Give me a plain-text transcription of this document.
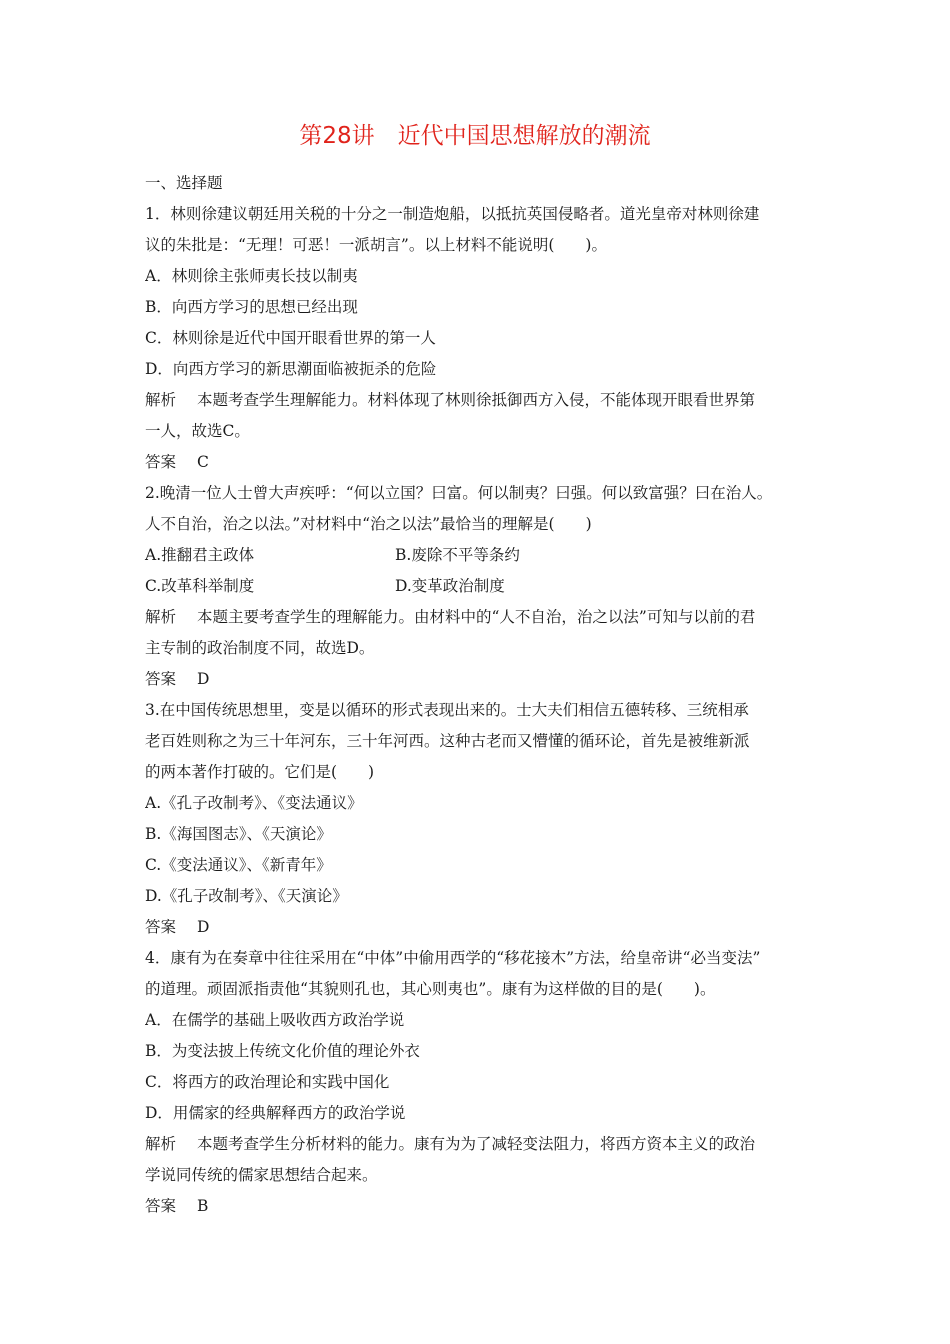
第28讲　近代中国思想解放的潮流
一、选择题
1．林则徐建议朝廷用关税的十分之一制造炮船，以抵抗英国侵略者。道光皇帝对林则徐建
议的朱批是：“无理！可恶！一派胡言”。以上材料不能说明(　　)。
A．林则徐主张师夷长技以制夷
B．向西方学习的思想已经出现
C．林则徐是近代中国开眼看世界的第一人
D．向西方学习的新思潮面临被扼杀的危险
解析 本题考查学生理解能力。材料体现了林则徐抵御西方入侵，不能体现开眼看世界第
一人，故选C。
答案 C
2.晚清一位人士曾大声疾呼：“何以立国？曰富。何以制夷？曰强。何以致富强？曰在治人。
人不自治，治之以法。”对材料中“治之以法”最恰当的理解是(　　)
A.推翻君主政体	B.废除不平等条约
C.改革科举制度	D.变革政治制度
解析 本题主要考查学生的理解能力。由材料中的“人不自治，治之以法”可知与以前的君
主专制的政治制度不同，故选D。
答案 D
3.在中国传统思想里，变是以循环的形式表现出来的。士大夫们相信五德转移、三统相承
老百姓则称之为三十年河东，三十年河西。这种古老而又懵懂的循环论，首先是被维新派
的两本著作打破的。它们是(　　)
A.《孔子改制考》、《变法通议》
B.《海国图志》、《天演论》
C.《变法通议》、《新青年》
D.《孔子改制考》、《天演论》
答案 D
4．康有为在奏章中往往采用在“中体”中偷用西学的“移花接木”方法，给皇帝讲“必当变法”
的道理。顽固派指责他“其貌则孔也，其心则夷也”。康有为这样做的目的是(　　)。
A．在儒学的基础上吸收西方政治学说
B．为变法披上传统文化价值的理论外衣
C．将西方的政治理论和实践中国化
D．用儒家的经典解释西方的政治学说
解析 本题考查学生分析材料的能力。康有为为了减轻变法阻力，将西方资本主义的政治
学说同传统的儒家思想结合起来。
答案 B
